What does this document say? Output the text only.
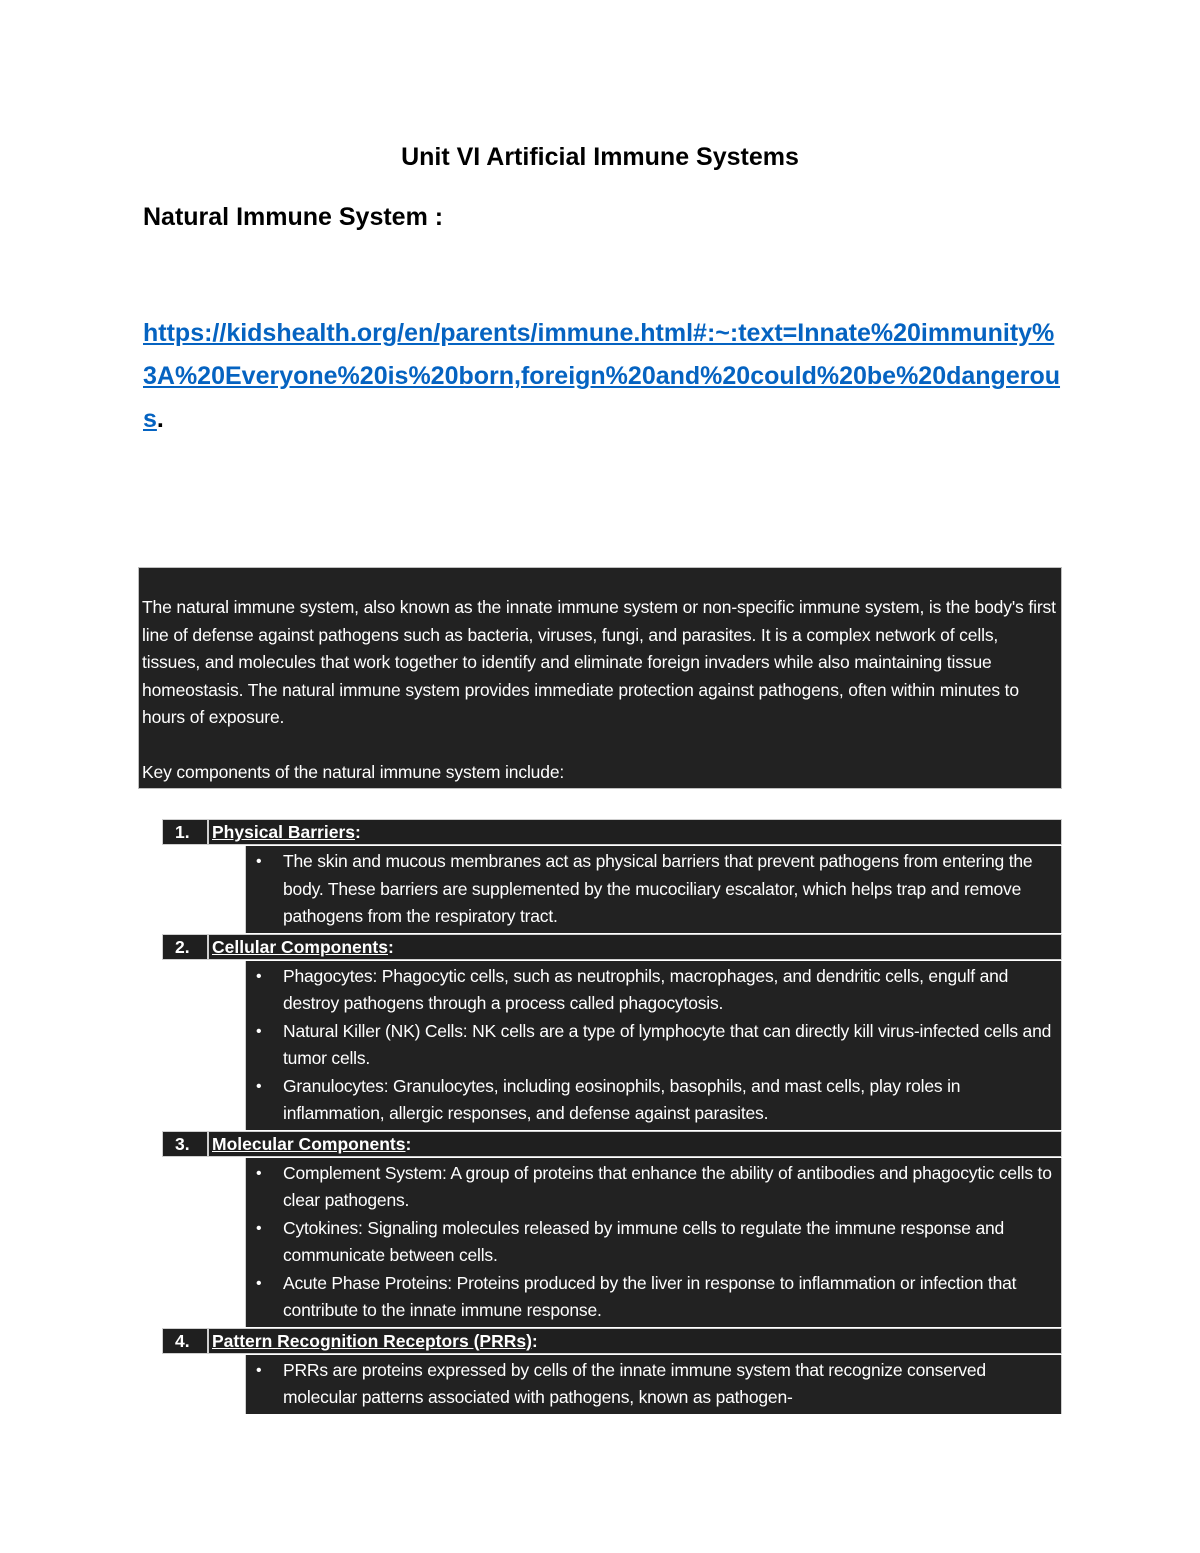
Unit VI Artificial Immune Systems
Natural Immune System :

https://kidshealth.org/en/parents/immune.html#:~:text=Innate%20immunity%3A%20Everyone%20is%20born,foreign%20and%20could%20be%20dangerous.

The natural immune system, also known as the innate immune system or non-specific immune system, is the body's first line of defense against pathogens such as bacteria, viruses, fungi, and parasites. It is a complex network of cells, tissues, and molecules that work together to identify and eliminate foreign invaders while also maintaining tissue homeostasis. The natural immune system provides immediate protection against pathogens, often within minutes to hours of exposure.

Key components of the natural immune system include:

1.	Physical Barriers:
• The skin and mucous membranes act as physical barriers that prevent pathogens from entering the body. These barriers are supplemented by the mucociliary escalator, which helps trap and remove pathogens from the respiratory tract.
2.	Cellular Components:
• Phagocytes: Phagocytic cells, such as neutrophils, macrophages, and dendritic cells, engulf and destroy pathogens through a process called phagocytosis.
• Natural Killer (NK) Cells: NK cells are a type of lymphocyte that can directly kill virus-infected cells and tumor cells.
• Granulocytes: Granulocytes, including eosinophils, basophils, and mast cells, play roles in inflammation, allergic responses, and defense against parasites.
3.	Molecular Components:
• Complement System: A group of proteins that enhance the ability of antibodies and phagocytic cells to clear pathogens.
• Cytokines: Signaling molecules released by immune cells to regulate the immune response and communicate between cells.
• Acute Phase Proteins: Proteins produced by the liver in response to inflammation or infection that contribute to the innate immune response.
4.	Pattern Recognition Receptors (PRRs):
• PRRs are proteins expressed by cells of the innate immune system that recognize conserved molecular patterns associated with pathogens, known as pathogen-
